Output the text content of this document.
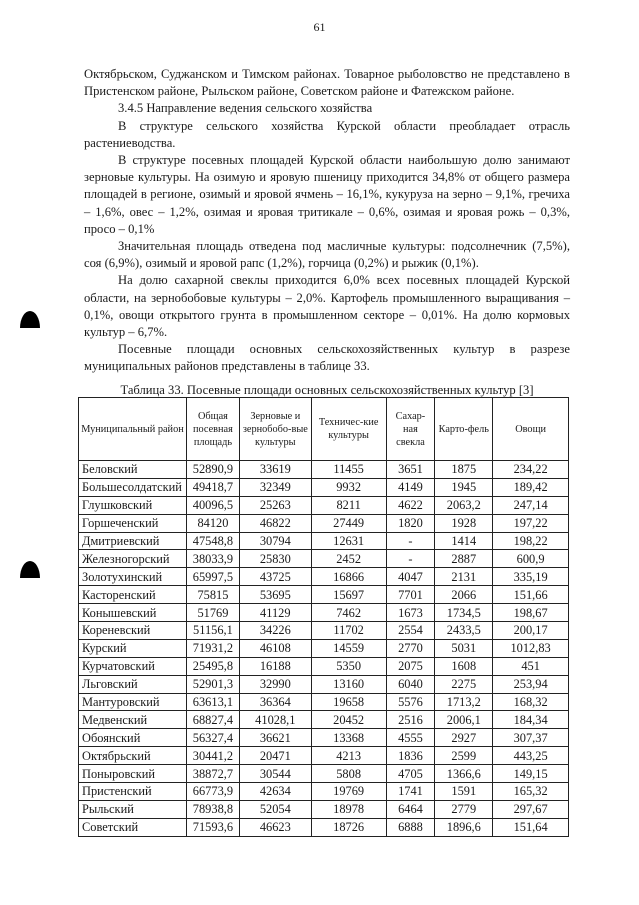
61

Октябрьском, Суджанском и Тимском районах. Товарное рыболовство не представлено в Пристенском районе, Рыльском районе, Советском районе и Фатежском районе.

3.4.5 Направление ведения сельского хозяйства

В структуре сельского хозяйства Курской области преобладает отрасль растениеводства.

В структуре посевных площадей Курской области наибольшую долю занимают зерновые культуры. На озимую и яровую пшеницу приходится 34,8% от общего размера площадей в регионе, озимый и яровой ячмень – 16,1%, кукуруза на зерно – 9,1%, гречиха – 1,6%, овес – 1,2%, озимая и яровая тритикале – 0,6%, озимая и яровая рожь – 0,3%, просо – 0,1%

Значительная площадь отведена под масличные культуры: подсолнечник (7,5%), соя (6,9%), озимый и яровой рапс (1,2%), горчица (0,2%) и рыжик (0,1%).

На долю сахарной свеклы приходится 6,0% всех посевных площадей Курской области, на зернобобовые культуры – 2,0%. Картофель промышленного выращивания – 0,1%, овощи открытого грунта в промышленном секторе – 0,01%. На долю кормовых культур – 6,7%.

Посевные площади основных сельскохозяйственных культур в разрезе муниципальных районов представлены в таблице 33.

Таблица 33. Посевные площади основных сельскохозяйственных культур [3]
Муниципальный район	Общая посевная площадь	Зерновые и зернобобо-вые культуры	Техничес-кие культуры	Сахар-ная свекла	Карто-фель	Овощи
Беловский	52890,9	33619	11455	3651	1875	234,22
Большесолдатский	49418,7	32349	9932	4149	1945	189,42
Глушковский	40096,5	25263	8211	4622	2063,2	247,14
Горшеченский	84120	46822	27449	1820	1928	197,22
Дмитриевский	47548,8	30794	12631	-	1414	198,22
Железногорский	38033,9	25830	2452	-	2887	600,9
Золотухинский	65997,5	43725	16866	4047	2131	335,19
Касторенский	75815	53695	15697	7701	2066	151,66
Конышевский	51769	41129	7462	1673	1734,5	198,67
Кореневский	51156,1	34226	11702	2554	2433,5	200,17
Курский	71931,2	46108	14559	2770	5031	1012,83
Курчатовский	25495,8	16188	5350	2075	1608	451
Льговский	52901,3	32990	13160	6040	2275	253,94
Мантуровский	63613,1	36364	19658	5576	1713,2	168,32
Медвенский	68827,4	41028,1	20452	2516	2006,1	184,34
Обоянский	56327,4	36621	13368	4555	2927	307,37
Октябрьский	30441,2	20471	4213	1836	2599	443,25
Поныровский	38872,7	30544	5808	4705	1366,6	149,15
Пристенский	66773,9	42634	19769	1741	1591	165,32
Рыльский	78938,8	52054	18978	6464	2779	297,67
Советский	71593,6	46623	18726	6888	1896,6	151,64
